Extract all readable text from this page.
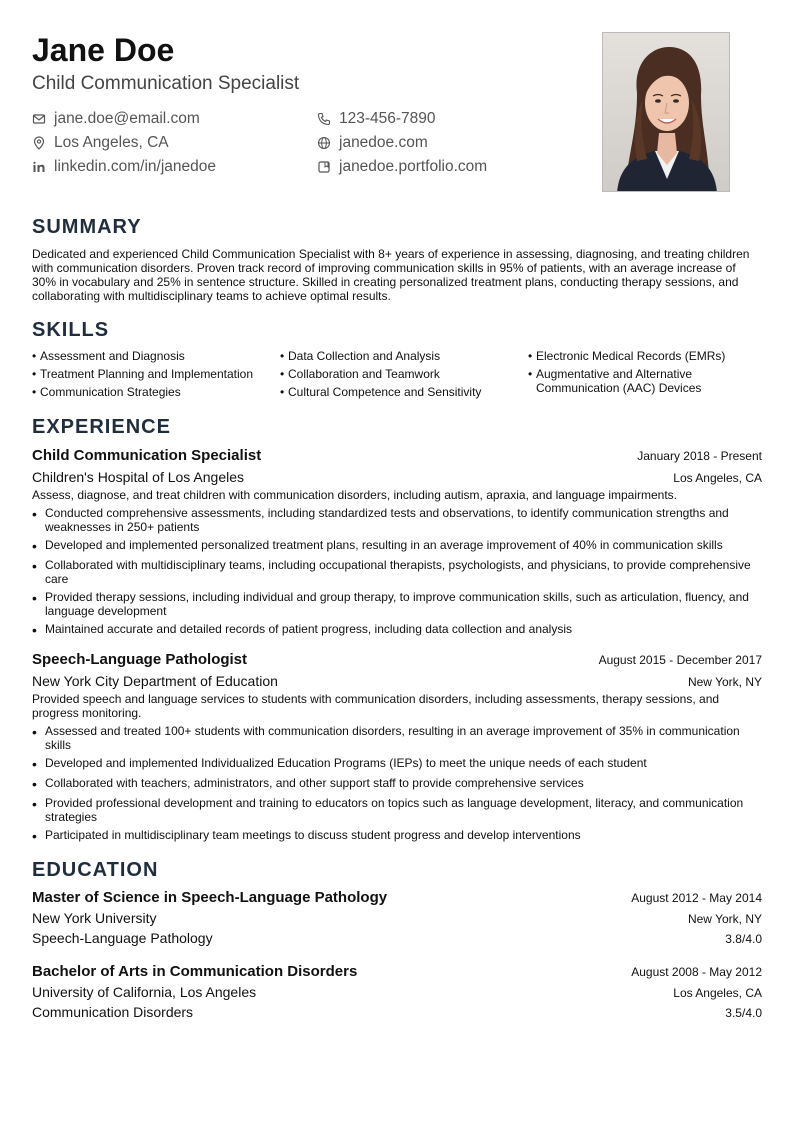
Jane Doe
Child Communication Specialist
jane.doe@email.com	123-456-7890
Los Angeles, CA	janedoe.com
linkedin.com/in/janedoe	janedoe.portfolio.com
SUMMARY
Dedicated and experienced Child Communication Specialist with 8+ years of experience in assessing, diagnosing, and treating children with communication disorders. Proven track record of improving communication skills in 95% of patients, with an average increase of 30% in vocabulary and 25% in sentence structure. Skilled in creating personalized treatment plans, conducting therapy sessions, and collaborating with multidisciplinary teams to achieve optimal results.
SKILLS
• Assessment and Diagnosis
• Treatment Planning and Implementation
• Communication Strategies
• Data Collection and Analysis
• Collaboration and Teamwork
• Cultural Competence and Sensitivity
• Electronic Medical Records (EMRs)
• Augmentative and Alternative Communication (AAC) Devices
EXPERIENCE
Child Communication Specialist	January 2018 - Present
Children's Hospital of Los Angeles	Los Angeles, CA
Assess, diagnose, and treat children with communication disorders, including autism, apraxia, and language impairments.
• Conducted comprehensive assessments, including standardized tests and observations, to identify communication strengths and weaknesses in 250+ patients
• Developed and implemented personalized treatment plans, resulting in an average improvement of 40% in communication skills
• Collaborated with multidisciplinary teams, including occupational therapists, psychologists, and physicians, to provide comprehensive care
• Provided therapy sessions, including individual and group therapy, to improve communication skills, such as articulation, fluency, and language development
• Maintained accurate and detailed records of patient progress, including data collection and analysis
Speech-Language Pathologist	August 2015 - December 2017
New York City Department of Education	New York, NY
Provided speech and language services to students with communication disorders, including assessments, therapy sessions, and progress monitoring.
• Assessed and treated 100+ students with communication disorders, resulting in an average improvement of 35% in communication skills
• Developed and implemented Individualized Education Programs (IEPs) to meet the unique needs of each student
• Collaborated with teachers, administrators, and other support staff to provide comprehensive services
• Provided professional development and training to educators on topics such as language development, literacy, and communication strategies
• Participated in multidisciplinary team meetings to discuss student progress and develop interventions
EDUCATION
Master of Science in Speech-Language Pathology	August 2012 - May 2014
New York University	New York, NY
Speech-Language Pathology	3.8/4.0
Bachelor of Arts in Communication Disorders	August 2008 - May 2012
University of California, Los Angeles	Los Angeles, CA
Communication Disorders	3.5/4.0
